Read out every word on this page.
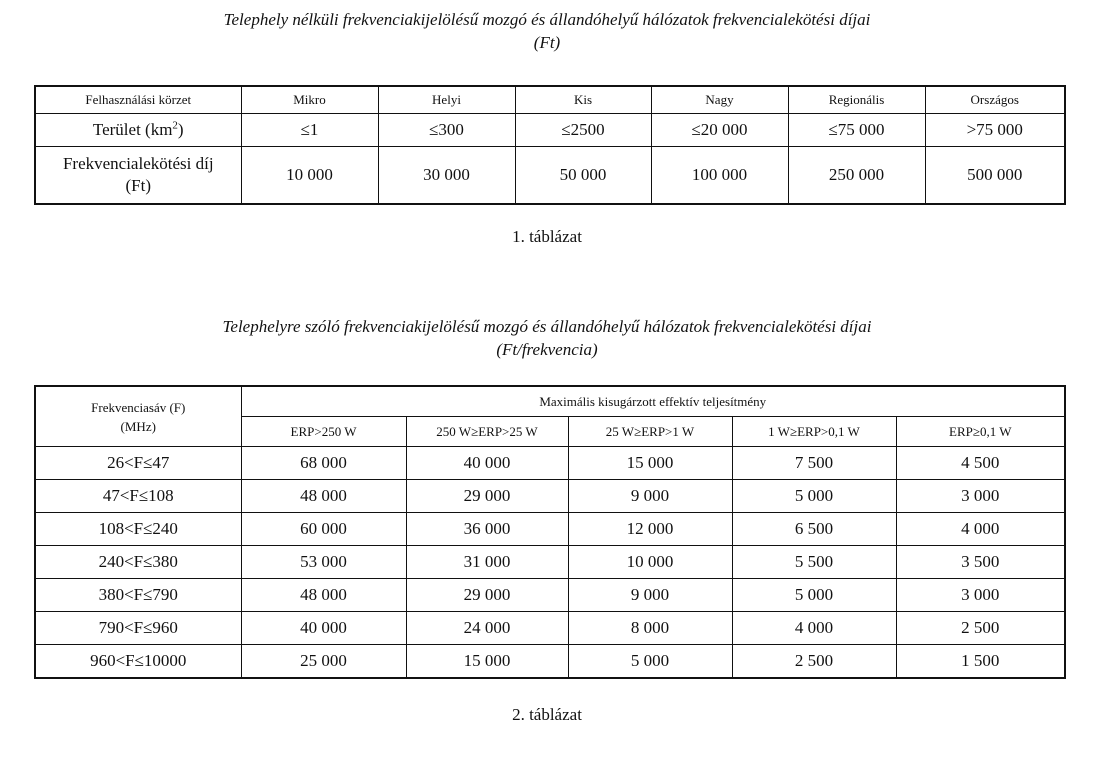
Telephely nélküli frekvenciakijelölésű mozgó és állandóhelyű hálózatok frekvencialekötési díjai
(Ft)
Felhasználási körzet	Mikro	Helyi	Kis	Nagy	Regionális	Országos
Terület $(km^2)$	≤1	≤300	≤2500	≤20 000	≤75 000	>75 000

Frekvencialekötési díj
(Ft)	10 000	30 000	50 000	100 000	250 000	500 000
1. táblázat
Telephelyre szóló frekvenciakijelölésű mozgó és állandóhelyű hálózatok frekvencialekötési díjai
(Ft/frekvencia)
Frekvenciasáv (F)
(MHz)	Maximális kisugárzott effektív teljesítmény				
	ERP>250 W	250 W≥ERP>25 W	25 W≥ERP>1 W	1 W≥ERP>0,1 W	ERP≥0,1 W
26<F≤47	68 000	40 000	15 000	7 500	4 500
47<F≤108	48 000	29 000	9 000	5 000	3 000
108<F≤240	60 000	36 000	12 000	6 500	4 000
240<F≤380	53 000	31 000	10 000	5 500	3 500
380<F≤790	48 000	29 000	9 000	5 000	3 000
790<F≤960	40 000	24 000	8 000	4 000	2 500
960<F≤10000	25 000	15 000	5 000	2 500	1 500
2. táblázat
